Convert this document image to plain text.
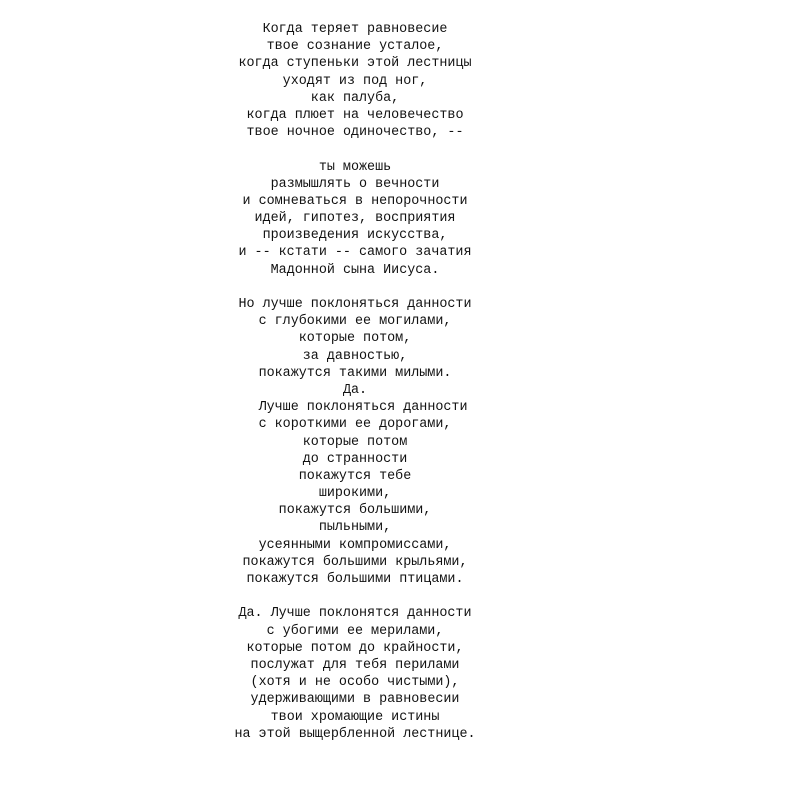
Когда теряет равновесие
твое сознание усталое,
когда ступеньки этой лестницы
уходят из под ног,
как палуба,
когда плюет на человечество
твое ночное одиночество, --
ты можешь
размышлять о вечности
и сомневаться в непорочности
идей, гипотез, восприятия
произведения искусства,
и -- кстати -- самого зачатия
Мадонной сына Иисуса.
Но лучше поклоняться данности
с глубокими ее могилами,
которые потом,
за давностью,
покажутся такими милыми.
Да.
Лучше поклоняться данности
с короткими ее дорогами,
которые потом
до странности
покажутся тебе
широкими,
покажутся большими,
пыльными,
усеянными компромиссами,
покажутся большими крыльями,
покажутся большими птицами.
Да. Лучше поклонятся данности
с убогими ее мерилами,
которые потом до крайности,
послужат для тебя перилами
(хотя и не особо чистыми),
удерживающими в равновесии
твои хромающие истины
на этой выщербленной лестнице.
